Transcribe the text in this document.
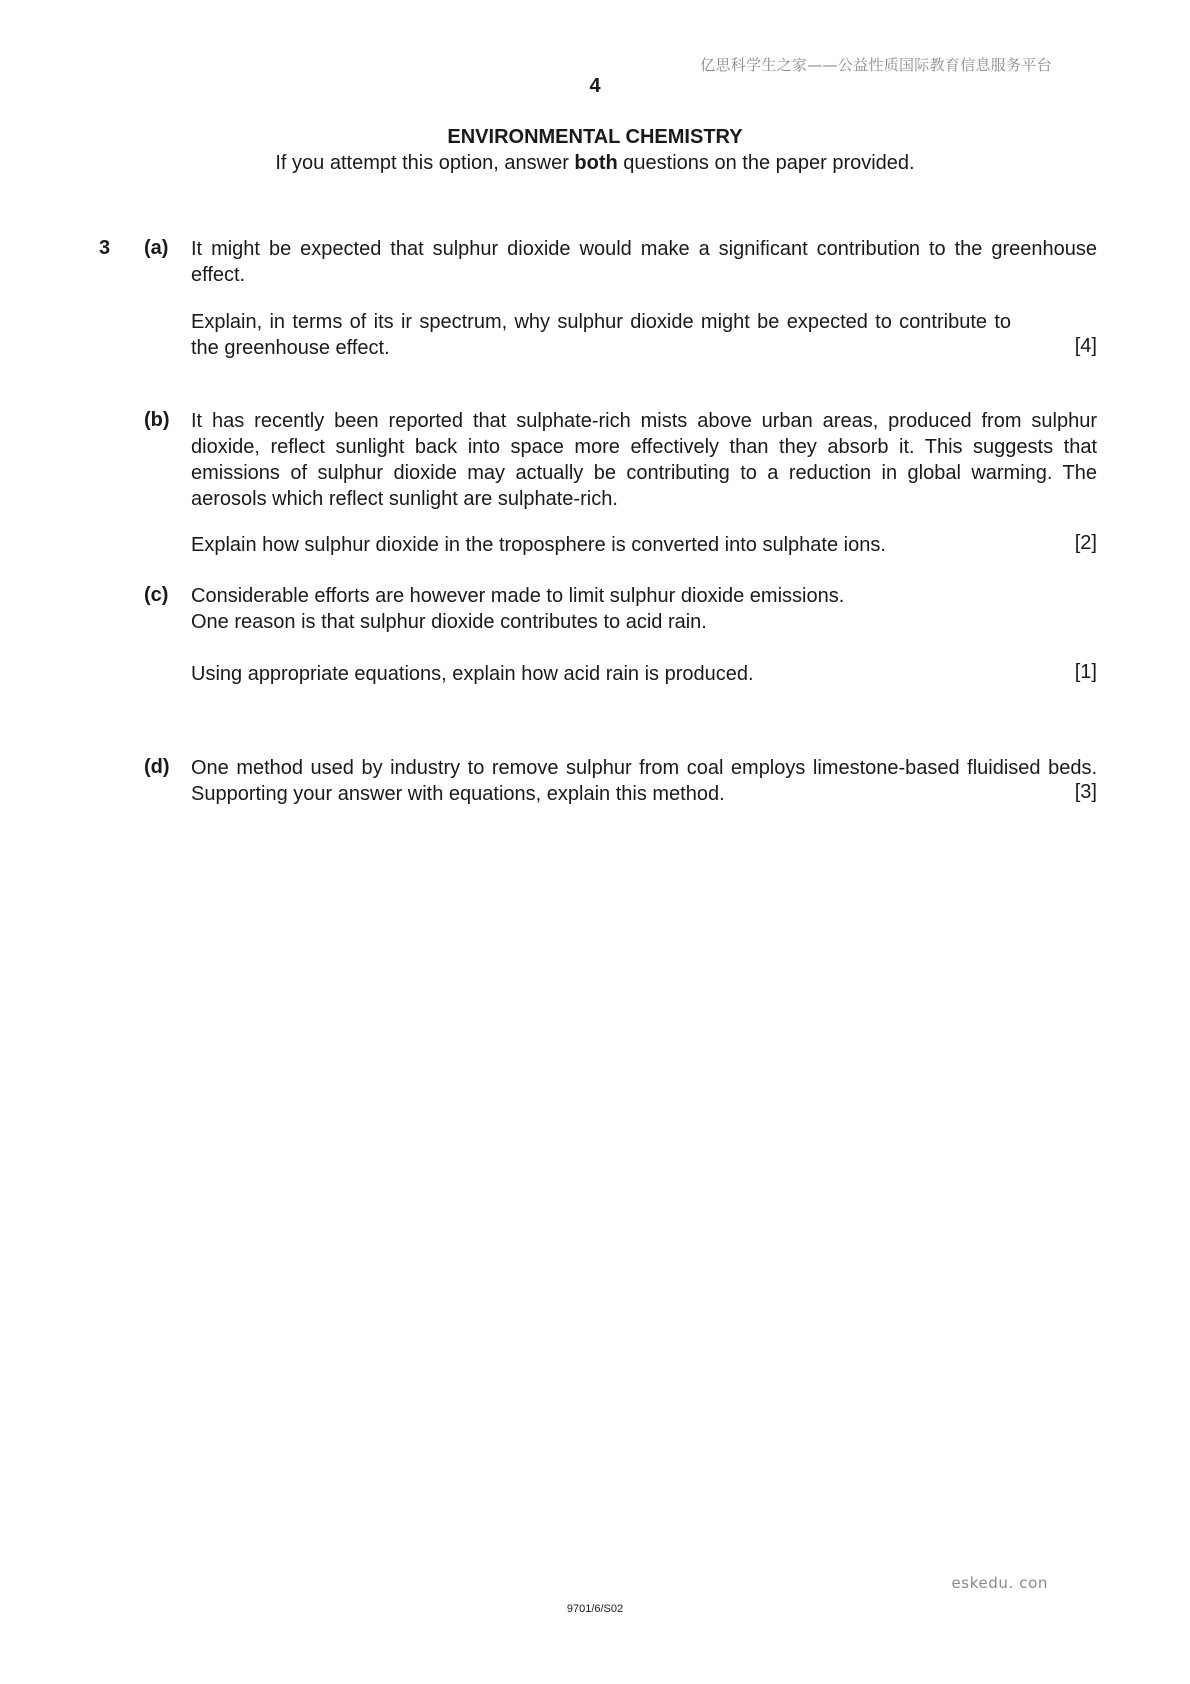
亿思科学生之家——公益性质国际教育信息服务平台
4
ENVIRONMENTAL CHEMISTRY
If you attempt this option, answer both questions on the paper provided.
3 (a) It might be expected that sulphur dioxide would make a significant contribution to the greenhouse effect.
Explain, in terms of its ir spectrum, why sulphur dioxide might be expected to contribute to the greenhouse effect.	[4]
(b) It has recently been reported that sulphate-rich mists above urban areas, produced from sulphur dioxide, reflect sunlight back into space more effectively than they absorb it. This suggests that emissions of sulphur dioxide may actually be contributing to a reduction in global warming. The aerosols which reflect sunlight are sulphate-rich.
Explain how sulphur dioxide in the troposphere is converted into sulphate ions.	[2]
(c) Considerable efforts are however made to limit sulphur dioxide emissions.
One reason is that sulphur dioxide contributes to acid rain.
Using appropriate equations, explain how acid rain is produced.	[1]
(d) One method used by industry to remove sulphur from coal employs limestone-based fluidised beds. Supporting your answer with equations, explain this method.	[3]
eskedu. con
9701/6/S02
